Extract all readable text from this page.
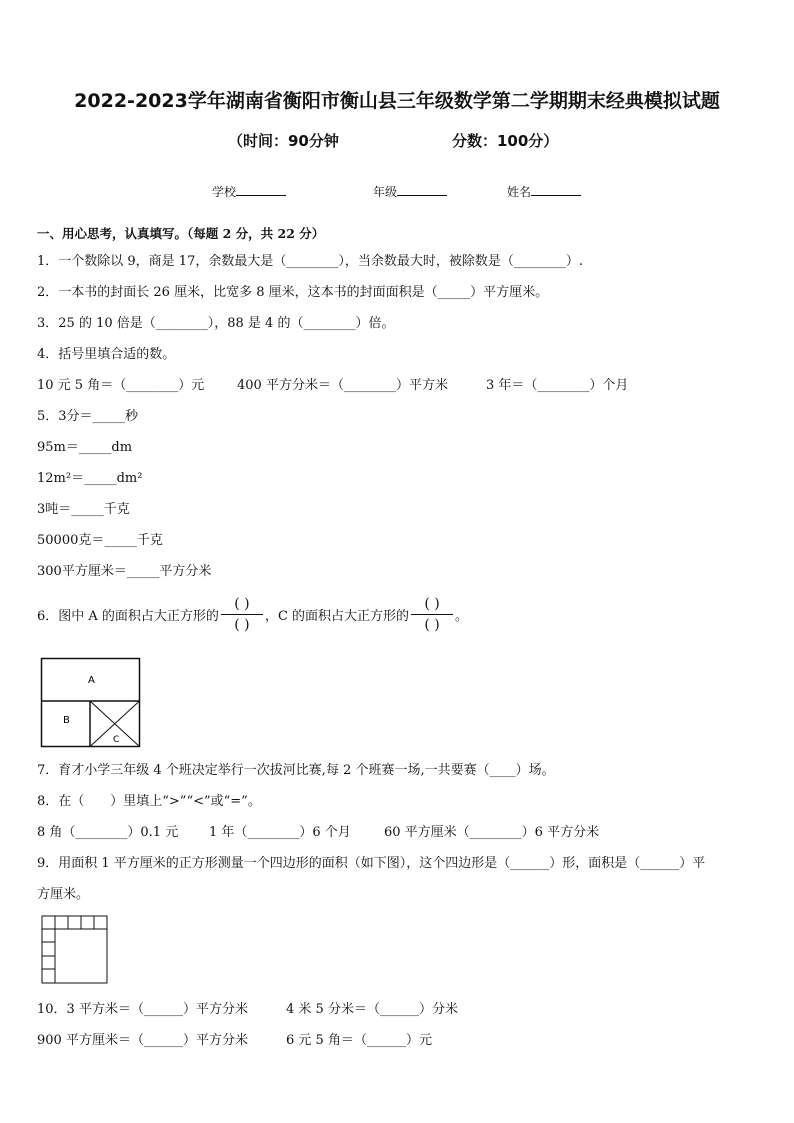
2022-2023学年湖南省衡阳市衡山县三年级数学第二学期期末经典模拟试题
（时间：90分钟	分数：100分）
学校	年级	姓名
一、用心思考，认真填写。（每题 2 分，共 22 分）
1．一个数除以 9，商是 17，余数最大是（________），当余数最大时，被除数是（________）.
2．一本书的封面长 26 厘米，比宽多 8 厘米，这本书的封面面积是（_____）平方厘米。
3．25 的 10 倍是（________），88 是 4 的（________）倍。
4．括号里填合适的数。
10 元 5 角＝（________）元	400 平方分米＝（________）平方米	3 年＝（________）个月
5．3分＝_____秒
95m＝_____dm
12m²＝_____dm²
3吨＝_____千克
50000克＝_____千克
300平方厘米＝_____平方分米
6．图中 A 的面积占大正方形的 $\frac{( )}{( )}$ ，C 的面积占大正方形的 $\frac{( )}{( )}$ 。
A
B
C
7．育才小学三年级 4 个班决定举行一次拔河比赛,每 2 个班赛一场,一共要赛（____）场。
8．在（　　）里填上“>”“<”或“=”。
8 角（________）0.1 元 1 年（________）6 个月	60 平方厘米（________）6 平方分米
9．用面积 1 平方厘米的正方形测量一个四边形的面积（如下图），这个四边形是（______）形，面积是（______）平
方厘米。
10．3 平方米＝（______）平方分米	4 米 5 分米＝（______）分米
900 平方厘米＝（______）平方分米	6 元 5 角＝（______）元
